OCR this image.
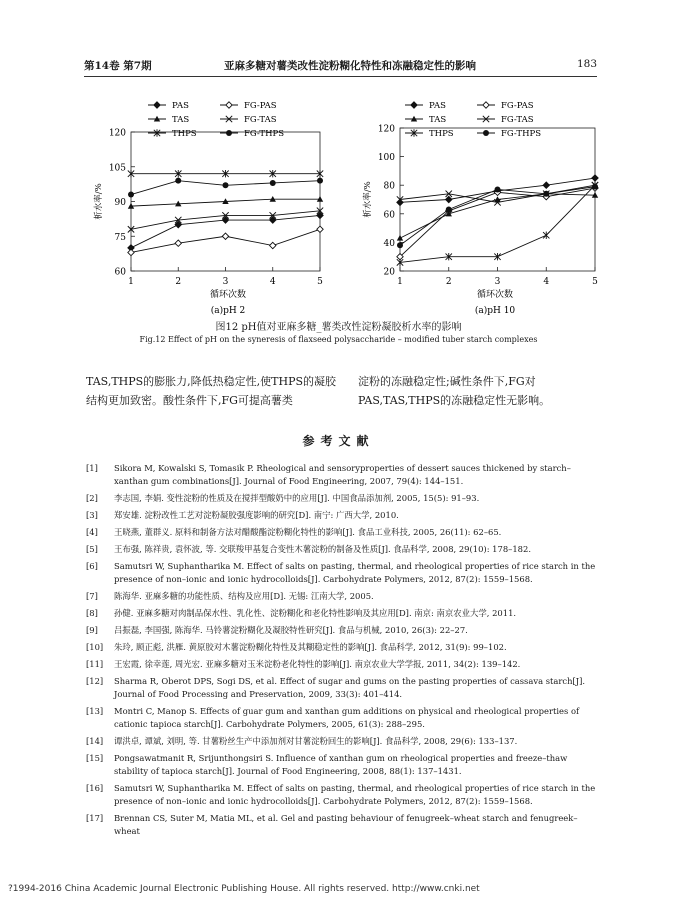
第14卷 第7期	亚麻多糖对薯类改性淀粉糊化特性和冻融稳定性的影响	183
60
75
90
105
120
1	2	3	4	5
循环次数
析水率/%
(a)pH 2
PAS	FG-PAS
TAS	FG-TAS
THPS	FG-THPS
20
40
60
80
100
120
1	2	3	4	5
循环次数
析水率/%
(a)pH 10
PAS	FG-PAS
TAS	FG-TAS
THPS	FG-THPS
图12 pH值对亚麻多糖_薯类改性淀粉凝胶析水率的影响
Fig.12 Effect of pH on the syneresis of flaxseed polysaccharide – modified tuber starch complexes
TAS,THPS的膨胀力,降低热稳定性,使THPS的凝胶结构更加致密。酸性条件下,FG可提高薯类
淀粉的冻融稳定性;碱性条件下,FG对PAS,TAS,THPS的冻融稳定性无影响。
参考文献
[1]	Sikora M, Kowalski S, Tomasik P. Rheological and sensoryproperties of dessert sauces thickened by starch–xanthan gum combinations[J]. Journal of Food Engineering, 2007, 79(4): 144–151.
[2]	李志国, 李娟. 变性淀粉的性质及在搅拌型酸奶中的应用[J]. 中国食品添加剂, 2005, 15(5): 91–93.
[3]	郑安雄. 淀粉改性工艺对淀粉凝胶强度影响的研究[D]. 南宁: 广西大学, 2010.
[4]	王晓燕, 董群义. 原料和制备方法对醋酸酯淀粉糊化特性的影响[J]. 食品工业科技, 2005, 26(11): 62–65.
[5]	王布强, 陈祥贵, 袁怀波, 等. 交联羧甲基复合变性木薯淀粉的制备及性质[J]. 食品科学, 2008, 29(10): 178–182.
[6]	Samutsri W, Suphantharika M. Effect of salts on pasting, thermal, and rheological properties of rice starch in the presence of non–ionic and ionic hydrocolloids[J]. Carbohydrate Polymers, 2012, 87(2): 1559–1568.
[7]	陈海华. 亚麻多糖的功能性质、结构及应用[D]. 无锡: 江南大学, 2005.
[8]	孙健. 亚麻多糖对肉制品保水性、乳化性、淀粉糊化和老化特性影响及其应用[D]. 南京: 南京农业大学, 2011.
[9]	吕振磊, 李国强, 陈海华. 马铃薯淀粉糊化及凝胶特性研究[J]. 食品与机械, 2010, 26(3): 22–27.
[10]	朱玲, 顾正彪, 洪雁. 黄原胶对木薯淀粉糊化特性及其糊稳定性的影响[J]. 食品科学, 2012, 31(9): 99–102.
[11]	王宏霞, 徐幸莲, 周光宏. 亚麻多糖对玉米淀粉老化特性的影响[J]. 南京农业大学学报, 2011, 34(2): 139–142.
[12]	Sharma R, Oberot DPS, Sogi DS, et al. Effect of sugar and gums on the pasting properties of cassava starch[J]. Journal of Food Processing and Preservation, 2009, 33(3): 401–414.
[13]	Montri C, Manop S. Effects of guar gum and xanthan gum additions on physical and rheological properties of cationic tapioca starch[J]. Carbohydrate Polymers, 2005, 61(3): 288–295.
[14]	谭洪卓, 谭斌, 刘明, 等. 甘薯粉丝生产中添加剂对甘薯淀粉回生的影响[J]. 食品科学, 2008, 29(6): 133–137.
[15]	Pongsawatmanit R, Srijunthongsiri S. Influence of xanthan gum on rheological properties and freeze–thaw stability of tapioca starch[J]. Journal of Food Engineering, 2008, 88(1): 137–1431.
[16]	Samutsri W, Suphantharika M. Effect of salts on pasting, thermal, and rheological properties of rice starch in the presence of non–ionic and ionic hydrocolloids[J]. Carbohydrate Polymers, 2012, 87(2): 1559–1568.
[17]	Brennan CS, Suter M, Matia ML, et al. Gel and pasting behaviour of fenugreek–wheat starch and fenugreek–wheat
?1994-2016 China Academic Journal Electronic Publishing House. All rights reserved. http://www.cnki.net
